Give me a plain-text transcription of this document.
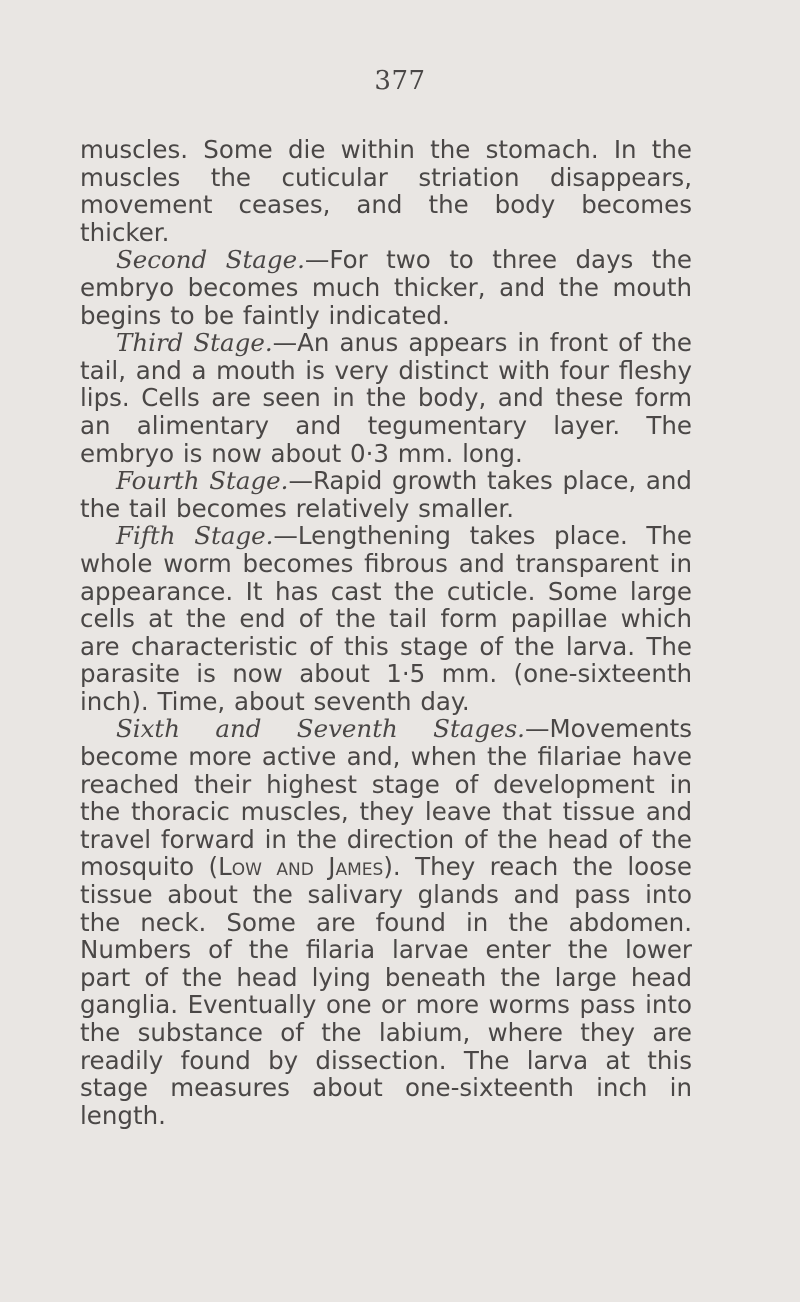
377

muscles. Some die within the stomach. In the muscles the cuticular striation disappears, movement ceases, and the body becomes thicker.

Second Stage.—For two to three days the embryo becomes much thicker, and the mouth begins to be faintly indicated.

Third Stage.—An anus appears in front of the tail, and a mouth is very distinct with four fleshy lips. Cells are seen in the body, and these form an alimentary and tegumentary layer. The embryo is now about 0·3 mm. long.

Fourth Stage.—Rapid growth takes place, and the tail becomes relatively smaller.

Fifth Stage.—Lengthening takes place. The whole worm becomes fibrous and transparent in appearance. It has cast the cuticle. Some large cells at the end of the tail form papillae which are characteristic of this stage of the larva. The parasite is now about 1·5 mm. (one-sixteenth inch). Time, about seventh day.

Sixth and Seventh Stages.—Movements become more active and, when the filariae have reached their highest stage of development in the thoracic muscles, they leave that tissue and travel forward in the direction of the head of the mosquito (Low and James). They reach the loose tissue about the salivary glands and pass into the neck. Some are found in the abdomen. Numbers of the filaria larvae enter the lower part of the head lying beneath the large head ganglia. Eventually one or more worms pass into the substance of the labium, where they are readily found by dissection. The larva at this stage measures about one-sixteenth inch in length.
